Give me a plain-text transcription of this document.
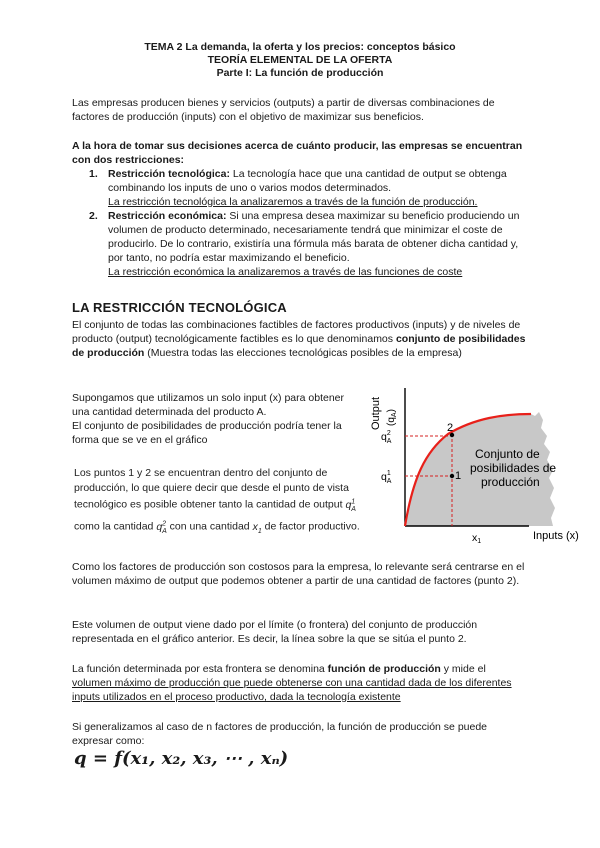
TEMA 2 La demanda, la oferta y los precios: conceptos básico
TEORÍA ELEMENTAL DE LA OFERTA
Parte I: La función de producción

Las empresas producen bienes y servicios (outputs) a partir de diversas combinaciones de factores de producción (inputs) con el objetivo de maximizar sus beneficios.

A la hora de tomar sus decisiones acerca de cuánto producir, las empresas se encuentran con dos restricciones:

1. Restricción tecnológica: La tecnología hace que una cantidad de output se obtenga combinando los inputs de uno o varios modos determinados.
La restricción tecnológica la analizaremos a través de la función de producción.
2. Restricción económica: Si una empresa desea maximizar su beneficio produciendo un volumen de producto determinado, necesariamente tendrá que minimizar el coste de producirlo. De lo contrario, existiría una fórmula más barata de obtener dicha cantidad y, por tanto, no podría estar maximizando el beneficio.
La restricción económica la analizaremos a través de las funciones de coste
LA RESTRICCIÓN TECNOLÓGICA

El conjunto de todas las combinaciones factibles de factores productivos (inputs) y de niveles de producto (output) tecnológicamente factibles es lo que denominamos conjunto de posibilidades de producción (Muestra todas las elecciones tecnológicas posibles de la empresa)

Supongamos que utilizamos un solo input (x) para obtener una cantidad determinada del producto A.
El conjunto de posibilidades de producción podría tener la forma que se ve en el gráfico
Los puntos 1 y 2 se encuentran dentro del conjunto de producción, lo que quiere decir que desde el punto de vista tecnológico es posible obtener tanto la cantidad de output $q^1_A$ como la cantidad $q^2_A$ con una cantidad $x_1$ de factor productivo.
2
1
Conjunto de
posibilidades de
producción
Output $(q_A)$
$q^2$ A
$q^1$ A
x1	Inputs (x)

Como los factores de producción son costosos para la empresa, lo relevante será centrarse en el volumen máximo de output que podemos obtener a partir de una cantidad de factores (punto 2).

Este volumen de output viene dado por el límite (o frontera) del conjunto de producción representada en el gráfico anterior. Es decir, la línea sobre la que se sitúa el punto 2.

La función determinada por esta frontera se denomina función de producción y mide el volumen máximo de producción que puede obtenerse con una cantidad dada de los diferentes inputs utilizados en el proceso productivo, dada la tecnología existente

Si generalizamos al caso de n factores de producción, la función de producción se puede expresar como:

q = f(x₁, x₂, x₃, ⋯ , xₙ)
